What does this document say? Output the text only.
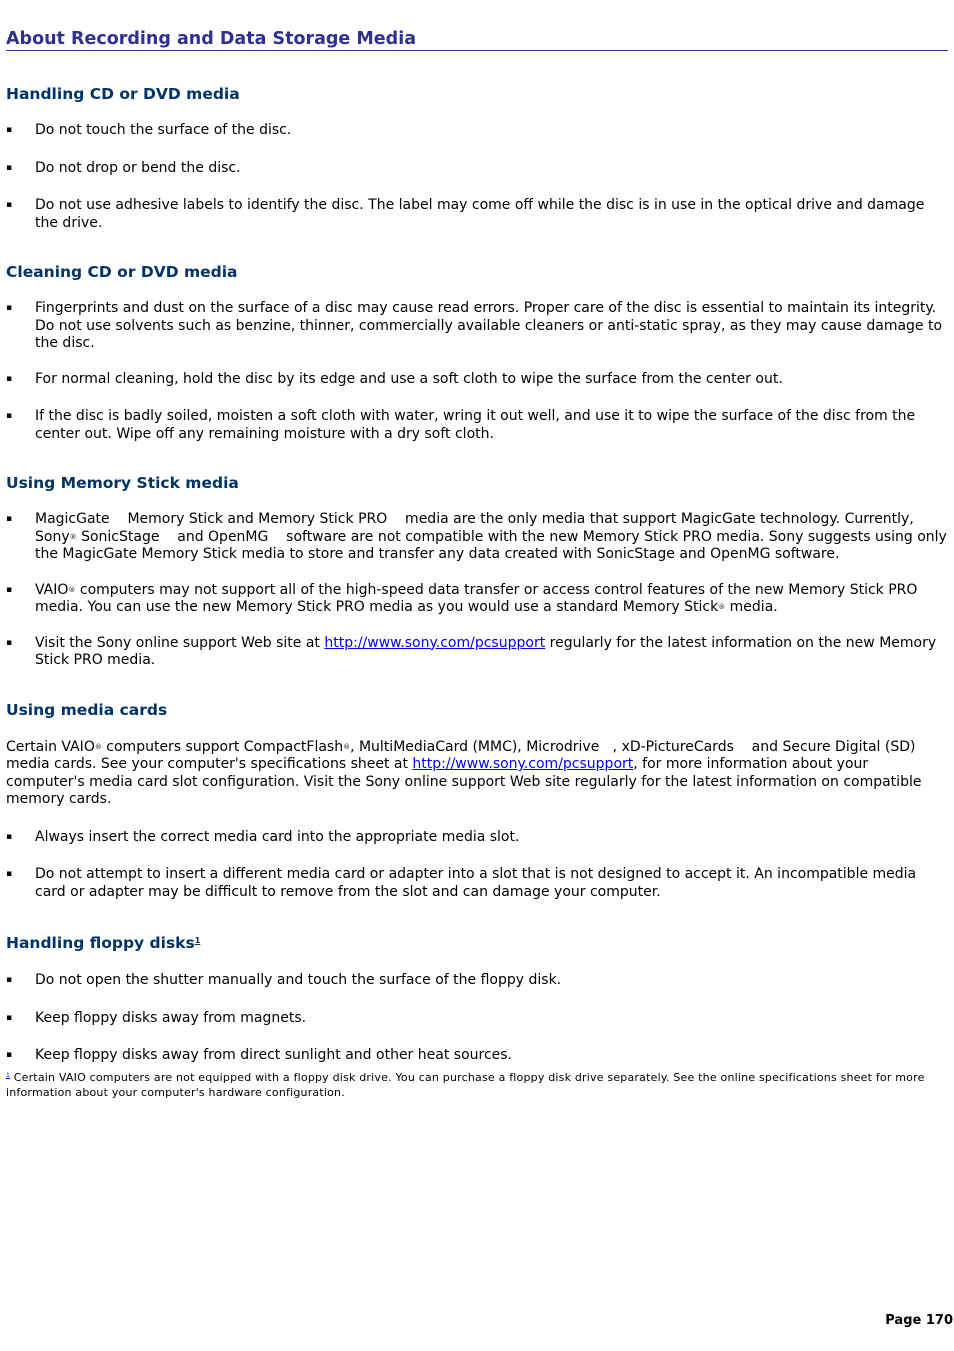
About Recording and Data Storage Media
Handling CD or DVD media
▪ Do not touch the surface of the disc.
▪ Do not drop or bend the disc.
▪ Do not use adhesive labels to identify the disc. The label may come off while the disc is in use in the optical drive and damage the drive.
Cleaning CD or DVD media
▪ Fingerprints and dust on the surface of a disc may cause read errors. Proper care of the disc is essential to maintain its integrity. Do not use solvents such as benzine, thinner, commercially available cleaners or anti-static spray, as they may cause damage to the disc.
▪ For normal cleaning, hold the disc by its edge and use a soft cloth to wipe the surface from the center out.
▪ If the disc is badly soiled, moisten a soft cloth with water, wring it out well, and use it to wipe the surface of the disc from the center out. Wipe off any remaining moisture with a dry soft cloth.
Using Memory Stick media
▪ MagicGate    Memory Stick and Memory Stick PRO    media are the only media that support MagicGate technology. Currently, Sony® SonicStage    and OpenMG    software are not compatible with the new Memory Stick PRO media. Sony suggests using only the MagicGate Memory Stick media to store and transfer any data created with SonicStage and OpenMG software.
▪ VAIO® computers may not support all of the high-speed data transfer or access control features of the new Memory Stick PRO media. You can use the new Memory Stick PRO media as you would use a standard Memory Stick® media.
▪ Visit the Sony online support Web site at http://www.sony.com/pcsupport regularly for the latest information on the new Memory Stick PRO media.
Using media cards

Certain VAIO® computers support CompactFlash®, MultiMediaCard (MMC), Microdrive   , xD-PictureCards    and Secure Digital (SD) media cards. See your computer's specifications sheet at http://www.sony.com/pcsupport, for more information about your computer's media card slot configuration. Visit the Sony online support Web site regularly for the latest information on compatible memory cards.

▪ Always insert the correct media card into the appropriate media slot.
▪ Do not attempt to insert a different media card or adapter into a slot that is not designed to accept it. An incompatible media card or adapter may be difficult to remove from the slot and can damage your computer.
Handling floppy disks$^1$
▪ Do not open the shutter manually and touch the surface of the floppy disk.
▪ Keep floppy disks away from magnets.
▪ Keep floppy disks away from direct sunlight and other heat sources.

$^1$ Certain VAIO computers are not equipped with a floppy disk drive. You can purchase a floppy disk drive separately. See the online specifications sheet for more information about your computer's hardware configuration.

Page 170
